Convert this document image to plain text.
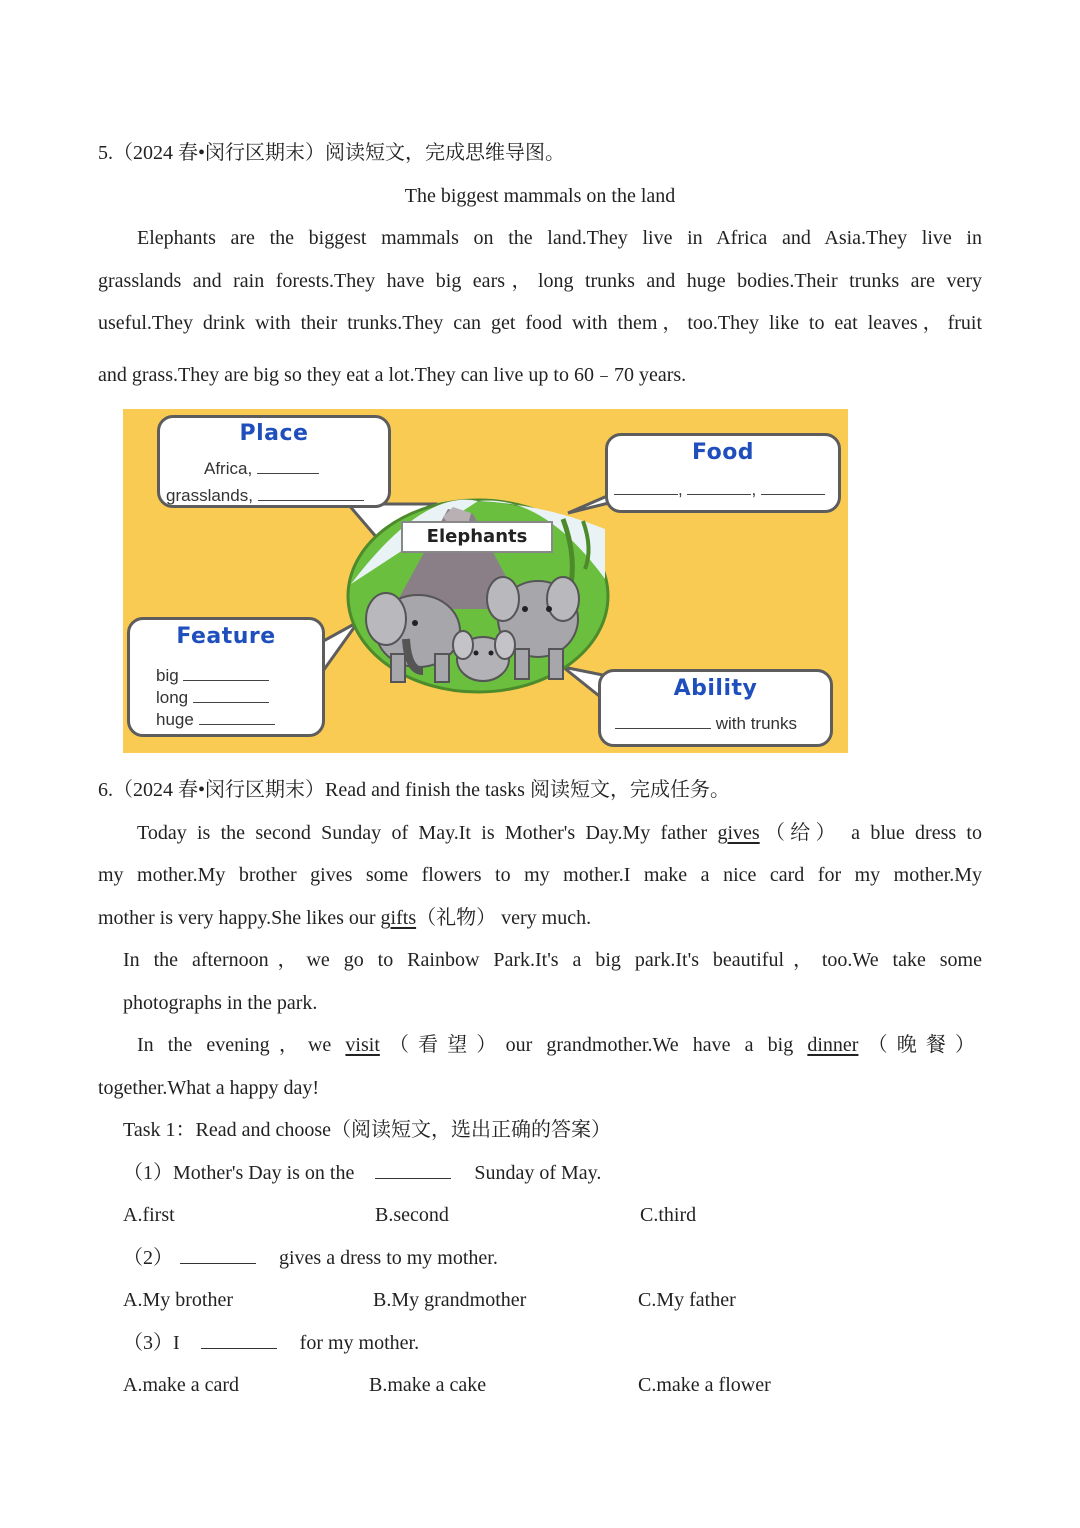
5.（2024 春•闵行区期末）阅读短文，完成思维导图。
The biggest mammals on the land
Elephants are the biggest mammals on the land.They live in Africa and Asia.They live in
grasslands and rain forests.They have big ears，long trunks and huge bodies.Their trunks are very
useful.They drink with their trunks.They can get food with them，too.They like to eat leaves，fruit
and grass.They are big so they eat a lot.They can live up to 60﹣70 years.
Elephants
Place
Africa,
grasslands,
Food
,	,
Feature
big
long
huge
Ability
with trunks
6.（2024 春•闵行区期末）Read and finish the tasks 阅读短文，完成任务。
Today is the second Sunday of May.It is Mother's Day.My father gives（给） a blue dress to
my mother.My brother gives some flowers to my mother.I make a nice card for my mother.My
mother is very happy.She likes our gifts（礼物） very much.
In the afternoon，we go to Rainbow Park.It's a big park.It's beautiful，too.We take some
photographs in the park.
In the evening，we visit（看望）our grandmother.We have a big dinner（晚餐）
together.What a happy day!
Task 1：Read and choose（阅读短文，选出正确的答案）
（1）Mother's Day is on the	Sunday of May.
A.first	B.second	C.third
（2）	gives a dress to my mother.
A.My brother	B.My grandmother	C.My father
（3）I	for my mother.
A.make a card	B.make a cake	C.make a flower
